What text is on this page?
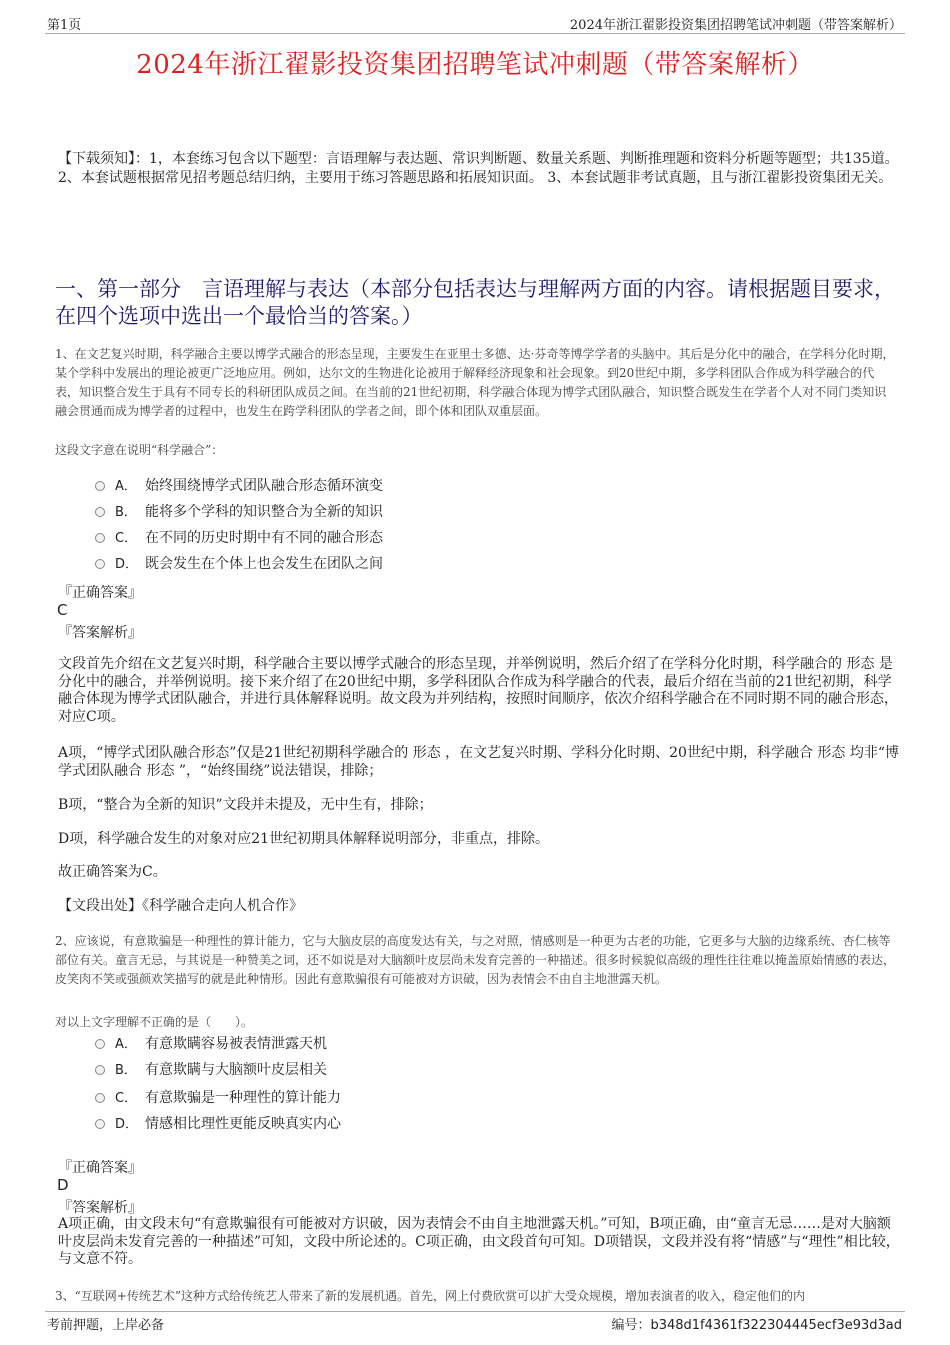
第1页	2024年浙江翟影投资集团招聘笔试冲刺题（带答案解析）
2024年浙江翟影投资集团招聘笔试冲刺题（带答案解析）
【下载须知】：1，本套练习包含以下题型：言语理解与表达题、常识判断题、数量关系题、判断推理题和资料分析题等题型；共135道。 2、本套试题根据常见招考题总结归纳，主要用于练习答题思路和拓展知识面。 3、本套试题非考试真题，且与浙江翟影投资集团无关。
一、第一部分　言语理解与表达（本部分包括表达与理解两方面的内容。请根据题目要求，在四个选项中选出一个最恰当的答案。）
1、在文艺复兴时期，科学融合主要以博学式融合的形态呈现，主要发生在亚里士多德、达·芬奇等博学学者的头脑中。其后是分化中的融合，在学科分化时期，某个学科中发展出的理论被更广泛地应用。例如，达尔文的生物进化论被用于解释经济现象和社会现象。到20世纪中期，多学科团队合作成为科学融合的代表，知识整合发生于具有不同专长的科研团队成员之间。在当前的21世纪初期，科学融合体现为博学式团队融合，知识整合既发生在学者个人对不同门类知识融会贯通而成为博学者的过程中，也发生在跨学科团队的学者之间，即个体和团队双重层面。
这段文字意在说明“科学融合”：
A． 始终围绕博学式团队融合形态循环演变
B． 能将多个学科的知识整合为全新的知识
C． 在不同的历史时期中有不同的融合形态
D． 既会发生在个体上也会发生在团队之间
『正确答案』
C
『答案解析』
文段首先介绍在文艺复兴时期，科学融合主要以博学式融合的形态呈现，并举例说明，然后介绍了在学科分化时期，科学融合的 形态 是分化中的融合，并举例说明。接下来介绍了在20世纪中期，多学科团队合作成为科学融合的代表，最后介绍在当前的21世纪初期，科学融合体现为博学式团队融合，并进行具体解释说明。故文段为并列结构，按照时间顺序，依次介绍科学融合在不同时期不同的融合形态，对应C项。
A项，“博学式团队融合形态”仅是21世纪初期科学融合的 形态 ，在文艺复兴时期、学科分化时期、20世纪中期，科学融合 形态 均非“博学式团队融合 形态 ”，“始终围绕”说法错误，排除；
B项，“整合为全新的知识”文段并未提及，无中生有，排除；
D项，科学融合发生的对象对应21世纪初期具体解释说明部分，非重点，排除。
故正确答案为C。
【文段出处】《科学融合走向人机合作》
2、应该说，有意欺骗是一种理性的算计能力，它与大脑皮层的高度发达有关，与之对照，情感则是一种更为古老的功能，它更多与大脑的边缘系统、杏仁核等部位有关。童言无忌，与其说是一种赞美之词，还不如说是对大脑额叶皮层尚未发育完善的一种描述。很多时候貌似高级的理性往往难以掩盖原始情感的表达，皮笑肉不笑或强颜欢笑描写的就是此种情形。因此有意欺骗很有可能被对方识破，因为表情会不由自主地泄露天机。
对以上文字理解不正确的是（　　）。
A． 有意欺瞒容易被表情泄露天机
B． 有意欺瞒与大脑额叶皮层相关
C． 有意欺骗是一种理性的算计能力
D． 情感相比理性更能反映真实内心
『正确答案』
D
『答案解析』
A项正确，由文段末句“有意欺骗很有可能被对方识破，因为表情会不由自主地泄露天机。”可知，B项正确，由“童言无忌……是对大脑额叶皮层尚未发育完善的一种描述”可知，文段中所论述的。C项正确，由文段首句可知。D项错误，文段并没有将“情感”与“理性”相比较，与文意不符。
3、“互联网+传统艺术”这种方式给传统艺人带来了新的发展机遇。首先，网上付费欣赏可以扩大受众规模，增加表演者的收入，稳定他们的内
考前押题，上岸必备	编号：b348d1f4361f322304445ecf3e93d3ad
